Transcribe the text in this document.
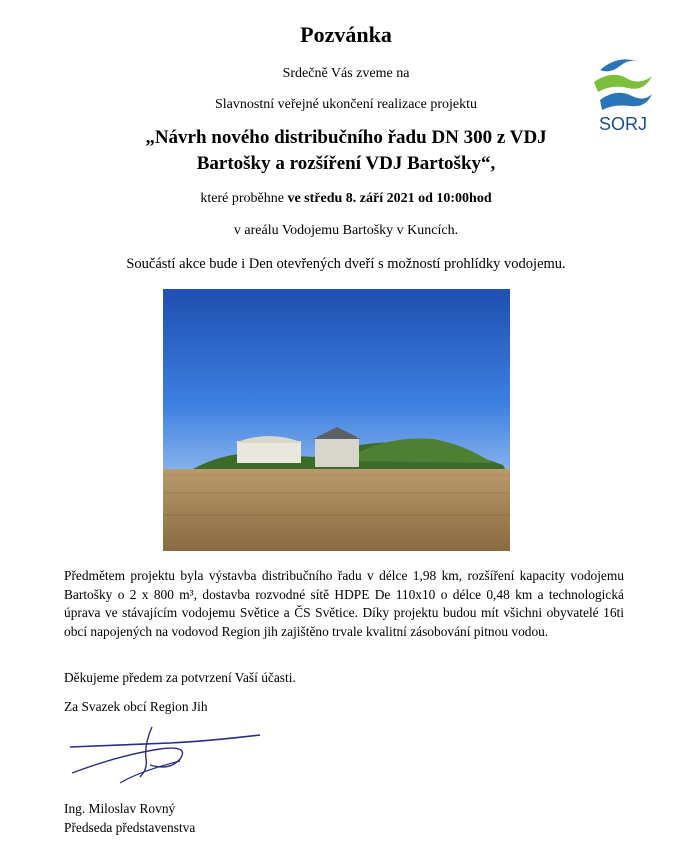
Pozvánka
Srdečně Vás zveme na
Slavnostní veřejné ukončení realizace projektu
„Návrh nového distribučního řadu DN 300 z VDJ
Bartošky a rozšíření VDJ Bartošky“,
které proběhne ve středu 8. září 2021 od 10:00hod
v areálu Vodojemu Bartošky v Kuncích.
Součástí akce bude i Den otevřených dveří s možností prohlídky vodojemu.
SORJ
Předmětem projektu byla výstavba distribučního řadu v délce 1,98 km, rozšíření kapacity vodojemu Bartošky o 2 x 800 m³, dostavba rozvodné sítě HDPE De 110x10 o délce 0,48 km a technologická úprava ve stávajícím vodojemu Světice a ČS Světice. Díky projektu budou mít všichni obyvatelé 16ti obcí napojených na vodovod Region jih zajištěno trvale kvalitní zásobování pitnou vodou.
Děkujeme předem za potvrzení Vaší účasti.
Za Svazek obcí Region Jih
Ing. Miloslav Rovný
Předseda představenstva
